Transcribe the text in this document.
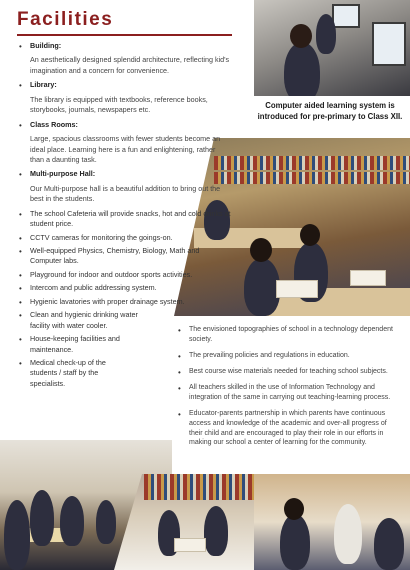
Facilities
• Building:
An aesthetically designed splendid architecture, reflecting kid's imagination and a concern for convenience.
• Library:
The library is equipped with textbooks, reference books, storybooks, journals, newspapers etc.
• Class Rooms:
Large, spacious classrooms with fewer students become an ideal place. Learning here is a fun and enlightening, rather than a daunting task.
• Multi-purpose Hall:
Our Multi-purpose hall is a beautiful addition to bring out the best in the students.
• The school Cafeteria will provide snacks, hot and cold drinks at student price.
• CCTV cameras for monitoring the goings-on.
• Well-equipped Physics, Chemistry, Biology, Math and Computer labs.
• Playground for indoor and outdoor sports activities.
• Intercom and public addressing system.
• Hygienic lavatories with proper drainage system.
• Clean and hygienic drinking water facility with water cooler.
• House-keeping facilities and maintenance.
• Medical check-up of the students / staff by the specialists.
Computer aided learning system is introduced for pre-primary to Class XII.
• The envisioned topographies of school in a technology dependent society.
• The prevailing policies and regulations in education.
• Best course wise materials needed for teaching school subjects.
• All teachers skilled in the use of Information Technology and integration of the same in carrying out teaching-learning process.
• Educator-parents partnership in which parents have continuous access and knowledge of the academic and over-all progress of their child and are encouraged to play their role in our efforts in making our school a center of learning for the community.
